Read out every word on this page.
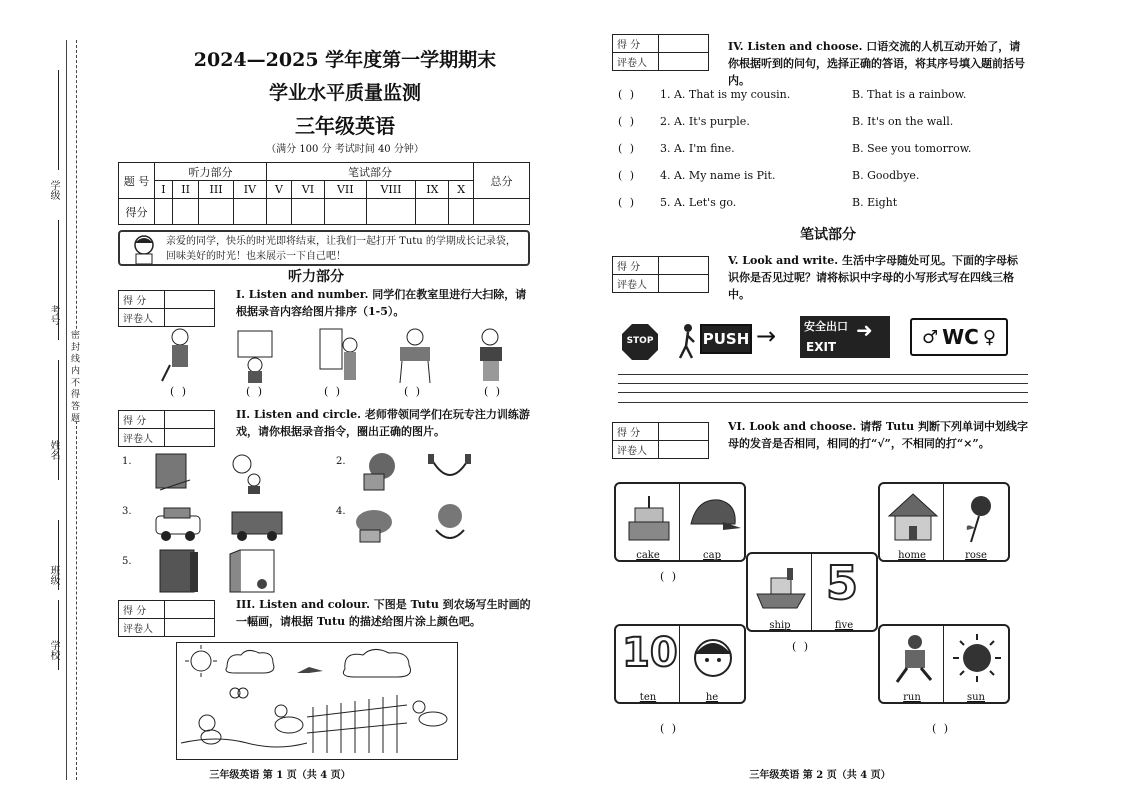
学校
班级
姓名
考号
学级
密 封 线 内 不 得 答 题
2024—2025 学年度第一学期期末
学业水平质量监测
三年级英语
（满分 100 分 考试时间 40 分钟）
题 号	听力部分				笔试部分						总分
	I	II	III	IV	V	VI	VII	VIII	IX	X	
得分											
亲爱的同学，快乐的时光即将结束，让我们一起打开 Tutu 的学期成长记录袋，回味美好的时光！也来展示一下自己吧！
听力部分
得 分	
评卷人	
I. Listen and number. 同学们在教室里进行大扫除，请根据录音内容给图片排序（1-5）。
( )	( )	( )	( )	( )
得 分	
评卷人	
II. Listen and circle. 老师带领同学们在玩专注力训练游戏，请你根据录音指令，圈出正确的图片。
1.	2.
3.	4.
5.
得 分	
评卷人	
III. Listen and colour. 下图是 Tutu 到农场写生时画的一幅画，请根据 Tutu 的描述给图片涂上颜色吧。
三年级英语 第 1 页（共 4 页）
得 分	
评卷人	
IV. Listen and choose. 口语交流的人机互动开始了，请你根据听到的问句，选择正确的答语，将其序号填入题前括号内。
( ) 1. A. That is my cousin.	B. That is a rainbow.
( ) 2. A. It's purple.	B. It's on the wall.
( ) 3. A. I'm fine.	B. See you tomorrow.
( ) 4. A. My name is Pit.	B. Goodbye.
( ) 5. A. Let's go.	B. Eight
笔试部分
得 分	
评卷人	
V. Look and write. 生活中字母随处可见。下面的字母标识你是否见过呢？请将标识中字母的小写形式写在四线三格中。
STOP	PUSH →	安全出口
EXIT
➜	♂ WC ♀
得 分	
评卷人	
VI. Look and choose. 请帮 Tutu 判断下列单词中划线字母的发音是否相同，相同的打“√”，不相同的打“×”。
cake	cap
( )
home	rose
5
ship	five
( )
10
ten	he
( )
run	sun
( )
三年级英语 第 2 页（共 4 页）
